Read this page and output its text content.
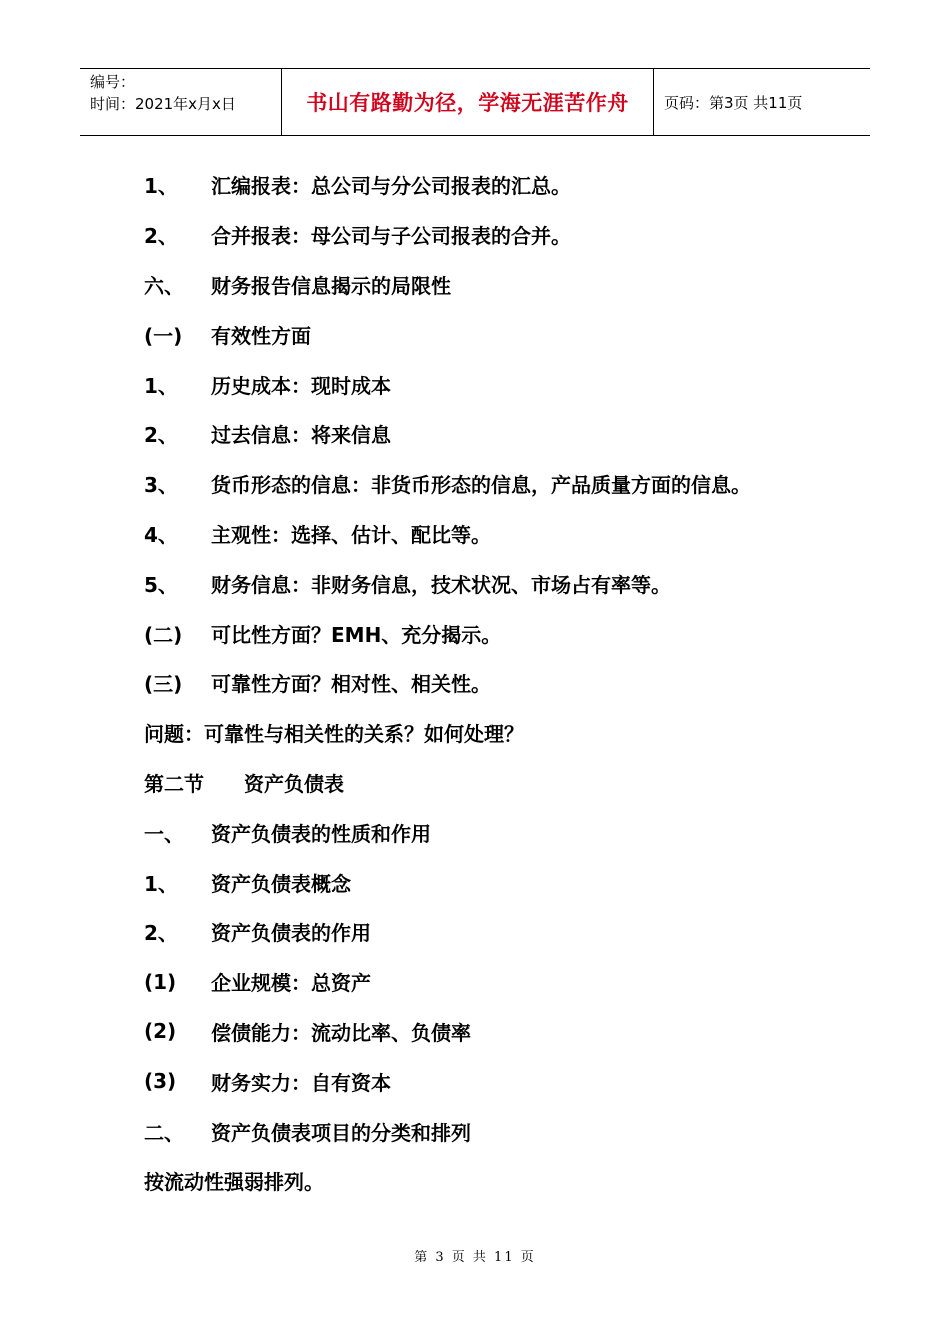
编号：
时间：2021年x月x日	书山有路勤为径，学海无涯苦作舟	页码：第3页 共11页
1、	汇编报表：总公司与分公司报表的汇总。
2、	合并报表：母公司与子公司报表的合并。
六、	财务报告信息揭示的局限性
(一)	有效性方面
1、	历史成本：现时成本
2、	过去信息：将来信息
3、	货币形态的信息：非货币形态的信息，产品质量方面的信息。
4、	主观性：选择、估计、配比等。
5、	财务信息：非财务信息，技术状况、市场占有率等。
(二)	可比性方面？EMH、充分揭示。
(三)	可靠性方面？相对性、相关性。
问题：可靠性与相关性的关系？如何处理？
第二节	资产负债表
一、	资产负债表的性质和作用
1、	资产负债表概念
2、	资产负债表的作用
(1)	企业规模：总资产
(2)	偿债能力：流动比率、负债率
(3)	财务实力：自有资本
二、	资产负债表项目的分类和排列
按流动性强弱排列。
第 3 页 共 11 页
